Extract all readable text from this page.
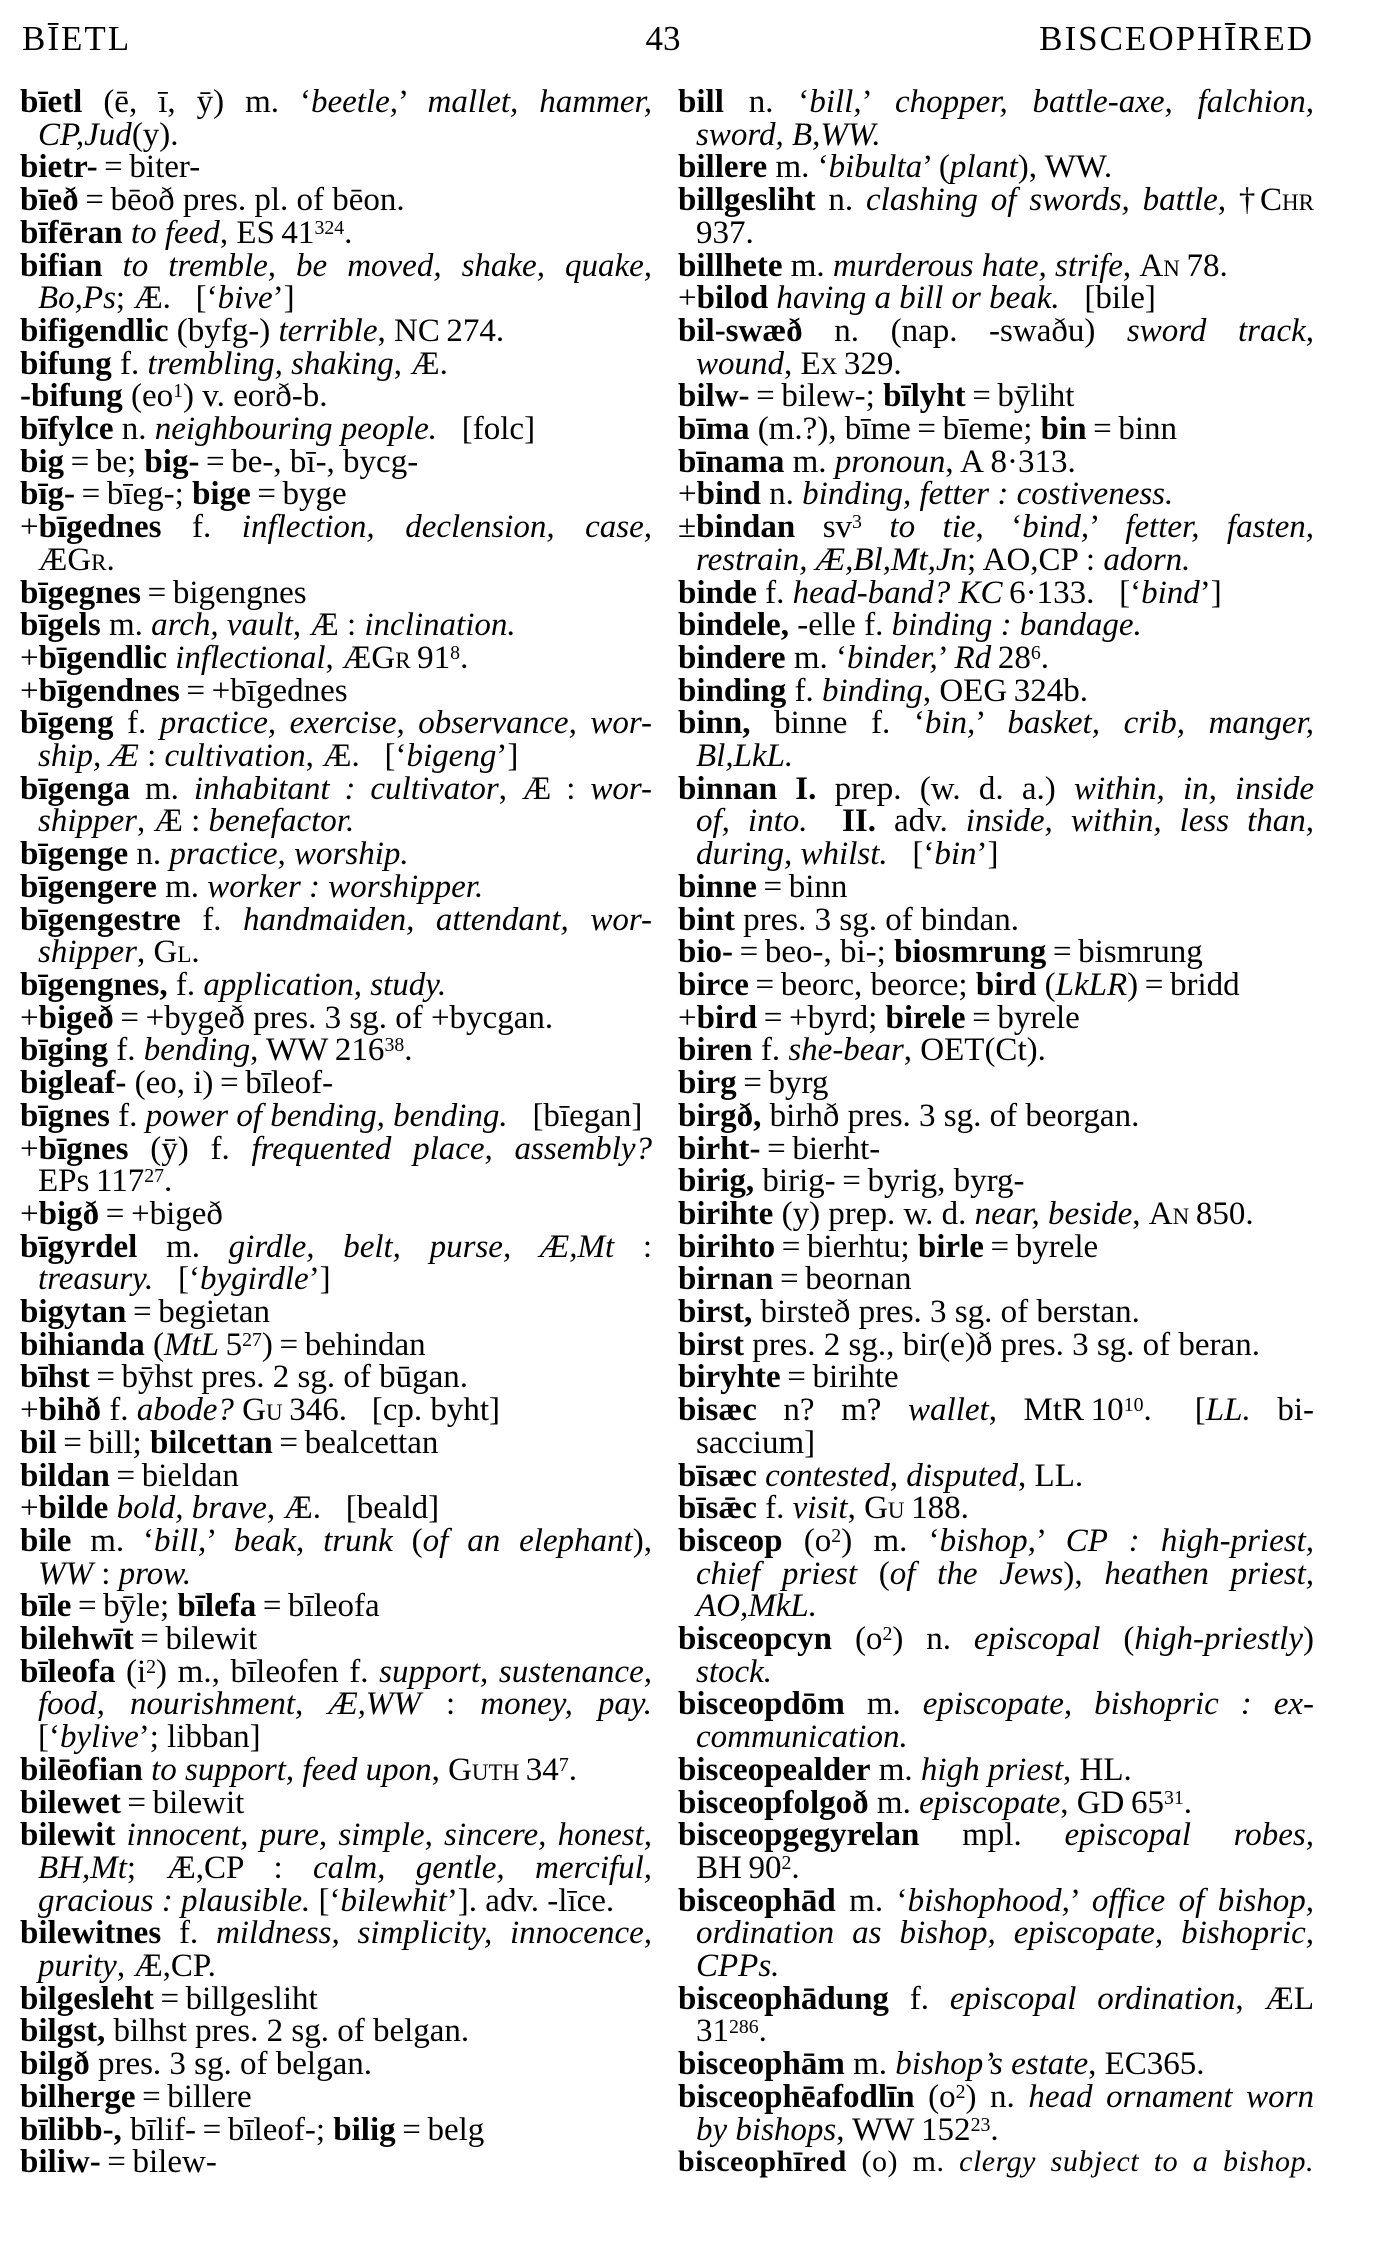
BĪETL	43	BISCEOPHĪRED
bīetl (ē, ī, ȳ) m. ‘beetle,’ mallet, hammer,
CP,Jud(y).
bietr- = biter-
bīeð = bēoð pres. pl. of bēon.
bīfēran to feed, ES $41^{324}$.
bifian to tremble, be moved, shake, quake,
Bo,Ps; Æ.  [‘bive’]
bifigendlic (byfg-) terrible, NC 274.
bifung f. trembling, shaking, Æ.
-bifung $(eo^1)$ v. eorð-b.
bīfylce n. neighbouring people.  [folc]
big = be; big- = be-, bī-, bycg-
bīg- = bīeg-; bige = byge
+bīgednes f. inflection, declension, case,
ÆGr.
bīgegnes = bigengnes
bīgels m. arch, vault, Æ : inclination.
+bīgendlic inflectional, ÆGr $91^8$.
+bīgendnes = +bīgednes
bīgeng f. practice, exercise, observance, wor-
ship, Æ : cultivation, Æ.  [‘bigeng’]
bīgenga m. inhabitant : cultivator, Æ : wor-
shipper, Æ : benefactor.
bīgenge n. practice, worship.
bīgengere m. worker : worshipper.
bīgengestre f. handmaiden, attendant, wor-
shipper, Gl.
bīgengnes, f. application, study.
+bigeð = +bygeð pres. 3 sg. of +bycgan.
bīging f. bending, WW $216^{38}$.
bigleaf- (eo, i) = bīleof-
bīgnes f. power of bending, bending.  [bīegan]
+bīgnes (ȳ) f. frequented place, assembly?
EPs $117^{27}$.
+bigð = +bigeð
bīgyrdel m. girdle, belt, purse, Æ,Mt :
treasury.  [‘bygirdle’]
bigytan = begietan
bihianda (MtL $5^{27}$) = behindan
bīhst = bȳhst pres. 2 sg. of būgan.
+bihð f. abode? Gu 346.  [cp. byht]
bil = bill; bilcettan = bealcettan
bildan = bieldan
+bilde bold, brave, Æ.  [beald]
bile m. ‘bill,’ beak, trunk (of an elephant),
WW : prow.
bīle = bȳle; bīlefa = bīleofa
bilehwīt = bilewit
bīleofa $(i^2)$ m., bīleofen f. support, sustenance,
food, nourishment, Æ,WW : money, pay.
[‘bylive’; libban]
bilēofian to support, feed upon, Guth $34^7$.
bilewet = bilewit
bilewit innocent, pure, simple, sincere, honest,
BH,Mt; Æ,CP : calm, gentle, merciful,
gracious : plausible. [‘bilewhit’]. adv. -līce.
bilewitnes f. mildness, simplicity, innocence,
purity, Æ,CP.
bilgesleht = billgesliht
bilgst, bilhst pres. 2 sg. of belgan.
bilgð pres. 3 sg. of belgan.
bilherge = billere
bīlibb-, bīlif- = bīleof-; bilig = belg
biliw- = bilew-
bill n. ‘bill,’ chopper, battle-axe, falchion,
sword, B,WW.
billere m. ‘bibulta’ (plant), WW.
billgesliht n. clashing of swords, battle, †Chr
937.
billhete m. murderous hate, strife, An 78.
+bilod having a bill or beak.  [bile]
bil-swæð n. (nap. -swaðu) sword track,
wound, Ex 329.
bilw- = bilew-; bīlyht = bȳliht
bīma (m.?), bīme = bīeme; bin = binn
bīnama m. pronoun, A 8·313.
+bind n. binding, fetter : costiveness.
±bindan $sv^3$ to tie, ‘bind,’ fetter, fasten,
restrain, Æ,Bl,Mt,Jn; AO,CP : adorn.
binde f. head-band? KC 6·133.  [‘bind’]
bindele, -elle f. binding : bandage.
bindere m. ‘binder,’ Rd $28^6$.
binding f. binding, OEG 324b.
binn, binne f. ‘bin,’ basket, crib, manger,
Bl,LkL.
binnan I. prep. (w. d. a.) within, in, inside
of, into.   II. adv. inside, within, less than,
during, whilst.  [‘bin’]
binne = binn
bint pres. 3 sg. of bindan.
bio- = beo-, bi-; biosmrung = bismrung
birce = beorc, beorce; bird (LkLR) = bridd
+bird = +byrd; birele = byrele
biren f. she-bear, OET(Ct).
birg = byrg
birgð, birhð pres. 3 sg. of beorgan.
birht- = bierht-
birig, birig- = byrig, byrg-
birihte (y) prep. w. d. near, beside, An 850.
birihto = bierhtu; birle = byrele
birnan = beornan
birst, birsteð pres. 3 sg. of berstan.
birst pres. 2 sg., bir(e)ð pres. 3 sg. of beran.
biryhte = birihte
bisæc n? m? wallet, MtR $10^{10}$.  [LL. bi-
saccium]
bīsæc contested, disputed, LL.
bīsǣc f. visit, Gu 188.
bisceop $(o^2)$ m. ‘bishop,’ CP : high-priest,
chief priest (of the Jews), heathen priest,
AO,MkL.
bisceopcyn $(o^2)$ n. episcopal (high-priestly)
stock.
bisceopdōm m. episcopate, bishopric : ex-
communication.
bisceopealder m. high priest, HL.
bisceopfolgoð m. episcopate, GD $65^{31}$.
bisceopgegyrelan mpl. episcopal robes,
BH $90^2$.
bisceophād m. ‘bishophood,’ office of bishop,
ordination as bishop, episcopate, bishopric,
CPPs.
bisceophādung f. episcopal ordination, ÆL
$31^{286}$.
bisceophām m. bishop’s estate, EC365.
bisceophēafodlīn $(o^2)$ n. head ornament worn
by bishops, WW $152^{23}$.
bisceophīred (o) m. clergy subject to a bishop.
